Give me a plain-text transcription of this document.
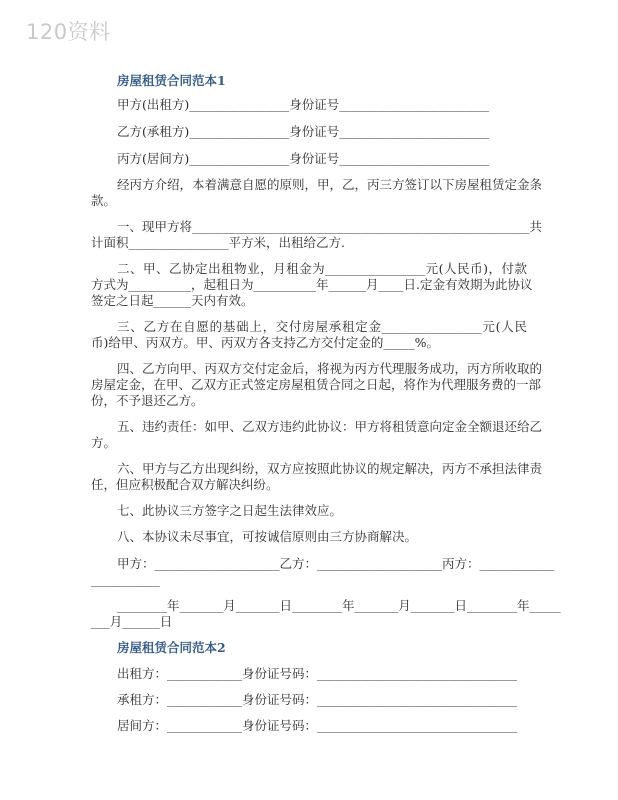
120资料
房屋租赁合同范本1
甲方(出租方)________________身份证号________________________
乙方(承租方)________________身份证号________________________
丙方(居间方)________________身份证号________________________
经丙方介绍，本着满意自愿的原则，甲，乙，丙三方签订以下房屋租赁定金条
款。
一、现甲方将______________________________________________________共
计面积________________平方米，出租给乙方.
二、甲、乙协定出租物业，月租金为________________元(人民币)，付款
方式为__________，起租日为__________年______月____日.定金有效期为此协议
签定之日起______天内有效。
三、乙方在自愿的基础上，交付房屋承租定金________________元(人民
币)给甲、丙双方。甲、丙双方各支持乙方交付定金的_____%。
四、乙方向甲、丙双方交付定金后，将视为丙方代理服务成功，丙方所收取的
房屋定金，在甲、乙双方正式签定房屋租赁合同之日起，将作为代理服务费的一部
份，不予退还乙方。
五、违约责任：如甲、乙双方违约此协议：甲方将租赁意向定金全额退还给乙
方。
六、甲方与乙方出现纠纷，双方应按照此协议的规定解决，丙方不承担法律责
任，但应积极配合双方解决纠纷。
七、此协议三方签字之日起生法律效应。
八、本协议未尽事宜，可按诚信原则由三方协商解决。
甲方：____________________乙方：____________________丙方：____________
___________
________年_______月_______日________年_______月_______日________年_____
___月______日
房屋租赁合同范本2
出租方：____________身份证号码：________________________________
承租方：____________身份证号码：________________________________
居间方：____________身份证号码：________________________________
